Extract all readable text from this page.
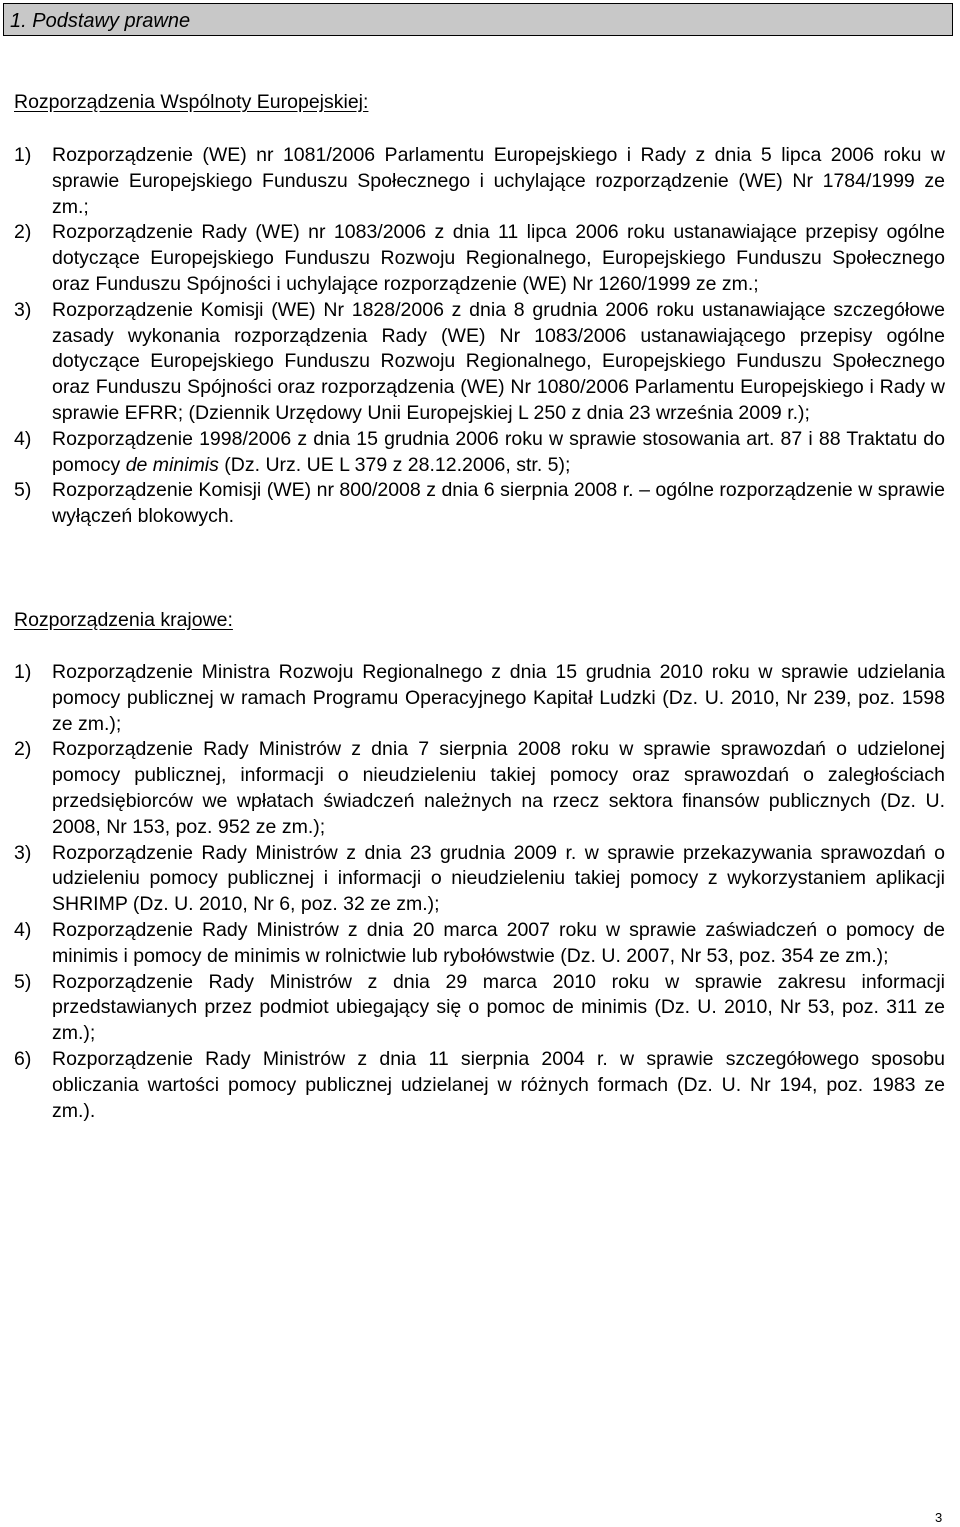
1. Podstawy prawne
Rozporządzenia Wspólnoty Europejskiej:
1) Rozporządzenie (WE) nr 1081/2006 Parlamentu Europejskiego i Rady z dnia 5 lipca 2006 roku w sprawie Europejskiego Funduszu Społecznego i uchylające rozporządzenie (WE) Nr 1784/1999 ze zm.;
2) Rozporządzenie Rady (WE) nr 1083/2006 z dnia 11 lipca 2006 roku ustanawiające przepisy ogólne dotyczące Europejskiego Funduszu Rozwoju Regionalnego, Europejskiego Funduszu Społecznego oraz Funduszu Spójności i uchylające rozporządzenie (WE) Nr 1260/1999 ze zm.;
3) Rozporządzenie Komisji (WE) Nr 1828/2006 z dnia 8 grudnia 2006 roku ustanawiające szczegółowe zasady wykonania rozporządzenia Rady (WE) Nr 1083/2006 ustanawiającego przepisy ogólne dotyczące Europejskiego Funduszu Rozwoju Regionalnego, Europejskiego Funduszu Społecznego oraz Funduszu Spójności oraz rozporządzenia (WE) Nr 1080/2006 Parlamentu Europejskiego i Rady w sprawie EFRR; (Dziennik Urzędowy Unii Europejskiej L 250 z dnia 23 września 2009 r.);
4) Rozporządzenie 1998/2006 z dnia 15 grudnia 2006 roku w sprawie stosowania art. 87 i 88 Traktatu do pomocy de minimis (Dz. Urz. UE L 379 z 28.12.2006, str. 5);
5) Rozporządzenie Komisji (WE) nr 800/2008 z dnia 6 sierpnia 2008 r. – ogólne rozporządzenie w sprawie wyłączeń blokowych.
Rozporządzenia krajowe:
1) Rozporządzenie Ministra Rozwoju Regionalnego z dnia 15 grudnia 2010 roku w sprawie udzielania pomocy publicznej w ramach Programu Operacyjnego Kapitał Ludzki (Dz. U. 2010, Nr 239, poz. 1598 ze zm.);
2) Rozporządzenie Rady Ministrów z dnia 7 sierpnia 2008 roku w sprawie sprawozdań o udzielonej pomocy publicznej, informacji o nieudzieleniu takiej pomocy oraz sprawozdań o zaległościach przedsiębiorców we wpłatach świadczeń należnych na rzecz sektora finansów publicznych (Dz. U. 2008, Nr 153, poz. 952 ze zm.);
3) Rozporządzenie Rady Ministrów z dnia 23 grudnia 2009 r. w sprawie przekazywania sprawozdań o udzieleniu pomocy publicznej i informacji o nieudzieleniu takiej pomocy z wykorzystaniem aplikacji SHRIMP (Dz. U. 2010, Nr 6, poz. 32 ze zm.);
4) Rozporządzenie Rady Ministrów z dnia 20 marca 2007 roku w sprawie zaświadczeń o pomocy de minimis i pomocy de minimis w rolnictwie lub rybołówstwie (Dz. U. 2007, Nr 53, poz. 354 ze zm.);
5) Rozporządzenie Rady Ministrów z dnia 29 marca 2010 roku w sprawie zakresu informacji przedstawianych przez podmiot ubiegający się o pomoc de minimis (Dz. U. 2010, Nr 53, poz. 311 ze zm.);
6) Rozporządzenie Rady Ministrów z dnia 11 sierpnia 2004 r. w sprawie szczegółowego sposobu obliczania wartości pomocy publicznej udzielanej w różnych formach (Dz. U. Nr 194, poz. 1983 ze zm.).
3
